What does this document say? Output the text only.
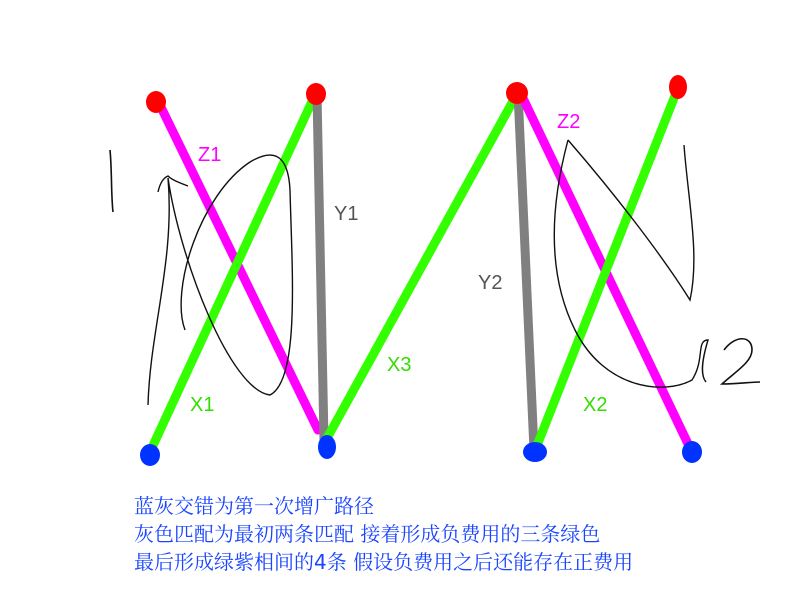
Z1
Y1
X1
X3
Y2
Z2
X2
蓝灰交错为第一次增广路径
灰色匹配为最初两条匹配 接着形成负费用的三条绿色
最后形成绿紫相间的4条 假设负费用之后还能存在正费用
